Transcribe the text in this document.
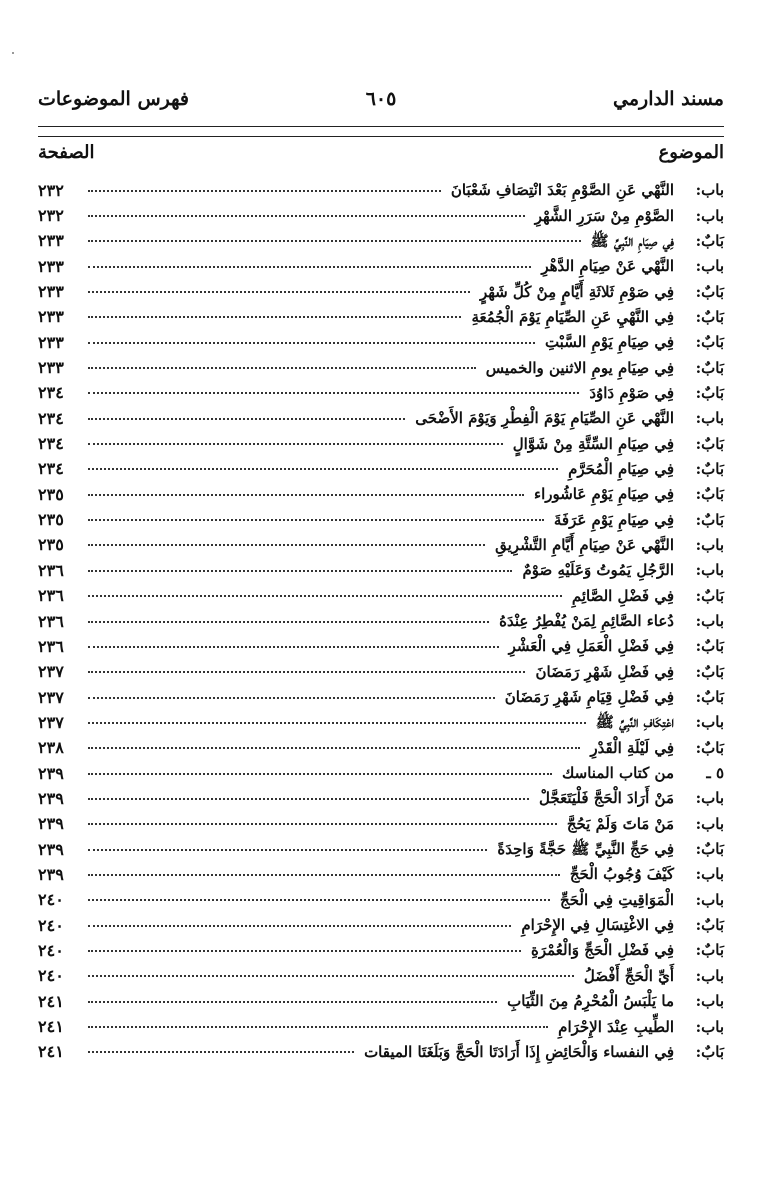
مسند الدارمي
٦٠٥
فهرس الموضوعات
الموضوع
الصفحة
باب :
النَّهْي عَنِ الصَّوْمِ بَعْدَ انْتِصَافِ شَعْبَانَ
٢٣٢
باب :
الصَّوْمِ مِنْ سَرَرِ الشَّهْرِ
٢٣٢
بَابٌ :
فِي صِيَامِ النَّبِيِّ ﷺ
٢٣٣
باب :
النَّهْي عَنْ صِيَامِ الدَّهْرِ
٢٣٣
بَابٌ :
فِي صَوْمِ ثَلاثَةِ أَيَّامٍ مِنْ كُلِّ شَهْرٍ
٢٣٣
بَابٌ :
فِي النَّهْيِ عَنِ الصِّيَامِ يَوْمَ الْجُمُعَةِ
٢٣٣
بَابٌ :
فِي صِيَامِ يَوْمِ السَّبْتِ
٢٣٣
بَابٌ :
فِي صِيَامِ يومِ الاثنين والخميس
٢٣٣
بَابٌ :
فِي صَوْمِ دَاوُدَ
٢٣٤
باب :
النَّهْي عَنِ الصِّيَامِ يَوْمَ الْفِطْرِ وَيَوْمَ الأَضْحَى
٢٣٤
بَابٌ :
فِي صِيَامِ السِّتَّةِ مِنْ شَوَّالٍ
٢٣٤
بَابٌ :
فِي صِيَامِ الْمُحَرَّمِ
٢٣٤
بَابٌ :
فِي صِيَامِ يَوْمِ عَاشُوراء
٢٣٥
بَابٌ :
فِي صِيَامِ يَوْمِ عَرَفَةَ
٢٣٥
باب :
النَّهْي عَنْ صِيَامِ أَيَّامِ التَّشْرِيقِ
٢٣٥
باب :
الرَّجُلِ يَمُوتُ وَعَلَيْهِ صَوْمٌ
٢٣٦
بَابٌ :
فِي فَضْلِ الصَّائِمِ
٢٣٦
باب :
دُعاء الصَّائِمِ لِمَنْ يُفْطِرُ عِنْدَهُ
٢٣٦
بَابٌ :
فِي فَضْلِ الْعَمَلِ فِي الْعَشْرِ
٢٣٦
بَابٌ :
فِي فَضْلِ شَهْرِ رَمَضَانَ
٢٣٧
بَابٌ :
فِي فَضْلِ قِيَامِ شَهْرِ رَمَضَانَ
٢٣٧
باب :
اعْتِكَافِ النَّبِيِّ ﷺ
٢٣٧
بَابٌ :
فِي لَيْلَةِ الْقَدْرِ
٢٣٨
٥ ـ
من كتاب المناسك
٢٣٩
باب :
مَنْ أَرَادَ الْحَجَّ فَلْيَتَعَجَّلْ
٢٣٩
باب :
مَنْ مَاتَ وَلَمْ يَحُجَّ
٢٣٩
بَابٌ :
فِي حَجِّ النَّبِيِّ ﷺ حَجَّةً وَاحِدَةً
٢٣٩
باب :
كَيْفَ وُجُوبُ الْحَجِّ
٢٣٩
باب :
الْمَوَاقِيتِ فِي الْحَجِّ
٢٤٠
بَابٌ :
فِي الاغْتِسَالِ فِي الإِحْرَامِ
٢٤٠
بَابٌ :
فِي فَضْلِ الْحَجِّ وَالْعُمْرَةِ
٢٤٠
باب :
أَيِّ الْحَجِّ أَفْضَلُ
٢٤٠
باب :
ما يَلْبَسُ الْمُحْرِمُ مِنَ الثِّيَابِ
٢٤١
باب :
الطِّيبِ عِنْدَ الإِحْرَامِ
٢٤١
بَابٌ :
فِي النفساء وَالْحَائِضِ إِذَا أَرَادَتَا الْحَجَّ وَبَلَغَتَا الميقات
٢٤١
